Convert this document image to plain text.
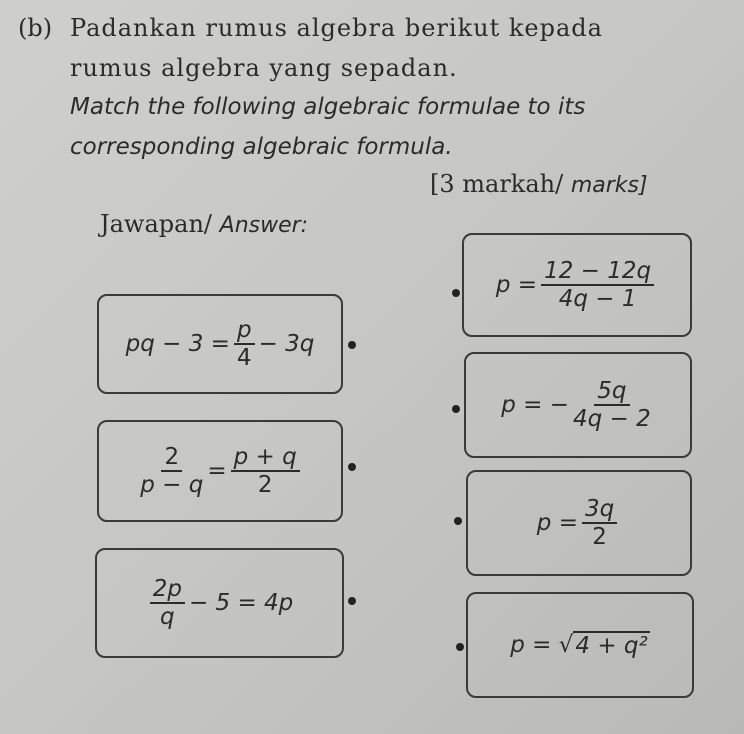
(b) Padankan rumus algebra berikut kepada
rumus algebra yang sepadan.
Match the following algebraic formulae to its
corresponding algebraic formula.
[3 markah/ marks]
Jawapan/ Answer:
pq − $3 = \frac{p}{4} - 3q$
$\frac{2}{p - q} = \frac{p + q}{2}$
$\frac{2p}{q} - 5 = 4p$
$p = \frac{12 - 12q}{4q - 1}$
p = − $\frac{5q}{4q - 2}$
$p = \frac{3q}{2}$
p =
√ 4 + q²
